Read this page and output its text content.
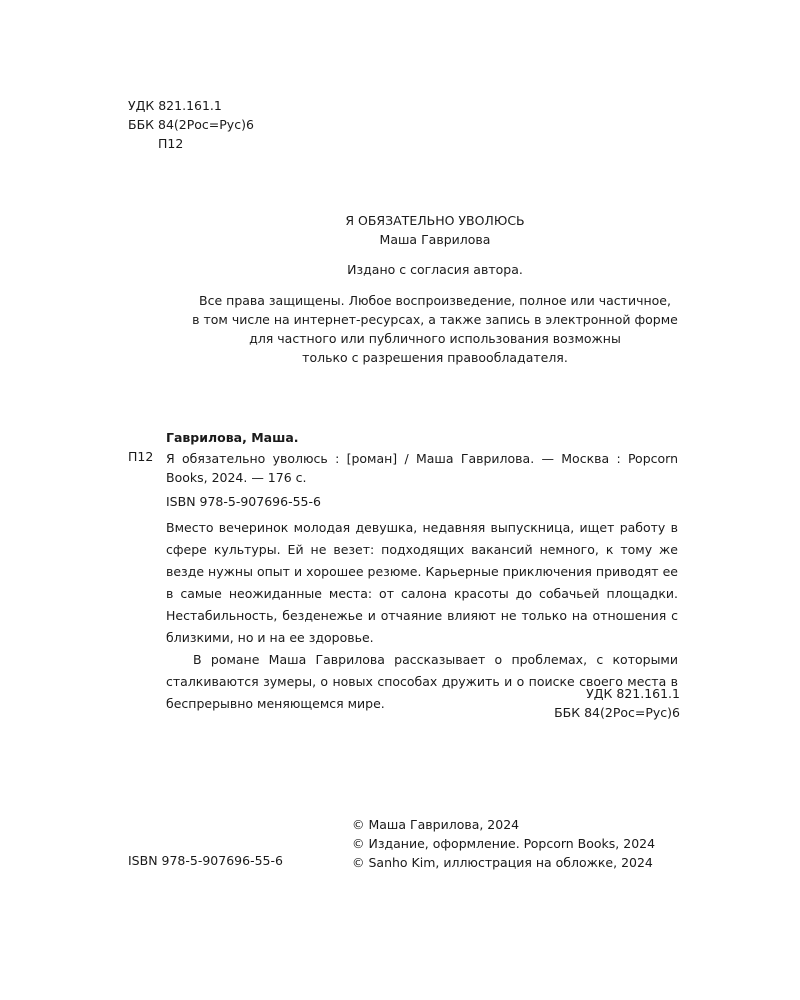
УДК 821.161.1
ББК 84(2Рос=Рус)6
П12
Я ОБЯЗАТЕЛЬНО УВОЛЮСЬ
Маша Гаврилова
Издано с согласия автора.
Все права защищены. Любое воспроизведение, полное или частичное,
в том числе на интернет-ресурсах, а также запись в электронной форме
для частного или публичного использования возможны
только с разрешения правообладателя.
Гаврилова, Маша.
П12 Я обязательно уволюсь : [роман] / Маша Гаврилова. — Москва : Popcorn Books, 2024. — 176 с.
ISBN 978-5-907696-55-6

Вместо вечеринок молодая девушка, недавняя выпускница, ищет работу в сфере культуры. Ей не везет: подходящих вакансий немного, к тому же везде нужны опыт и хорошее резюме. Карьерные приключения приводят ее в самые неожиданные места: от салона красоты до собачьей площадки. Нестабильность, безденежье и отчаяние влияют не только на отношения с близкими, но и на ее здоровье.

В романе Маша Гаврилова рассказывает о проблемах, с которыми сталкиваются зумеры, о новых способах дружить и о поиске своего места в беспрерывно меняющемся мире.

УДК 821.161.1
ББК 84(2Рос=Рус)6
© Маша Гаврилова, 2024
© Издание, оформление. Popcorn Books, 2024
© Sanho Kim, иллюстрация на обложке, 2024
ISBN 978-5-907696-55-6
